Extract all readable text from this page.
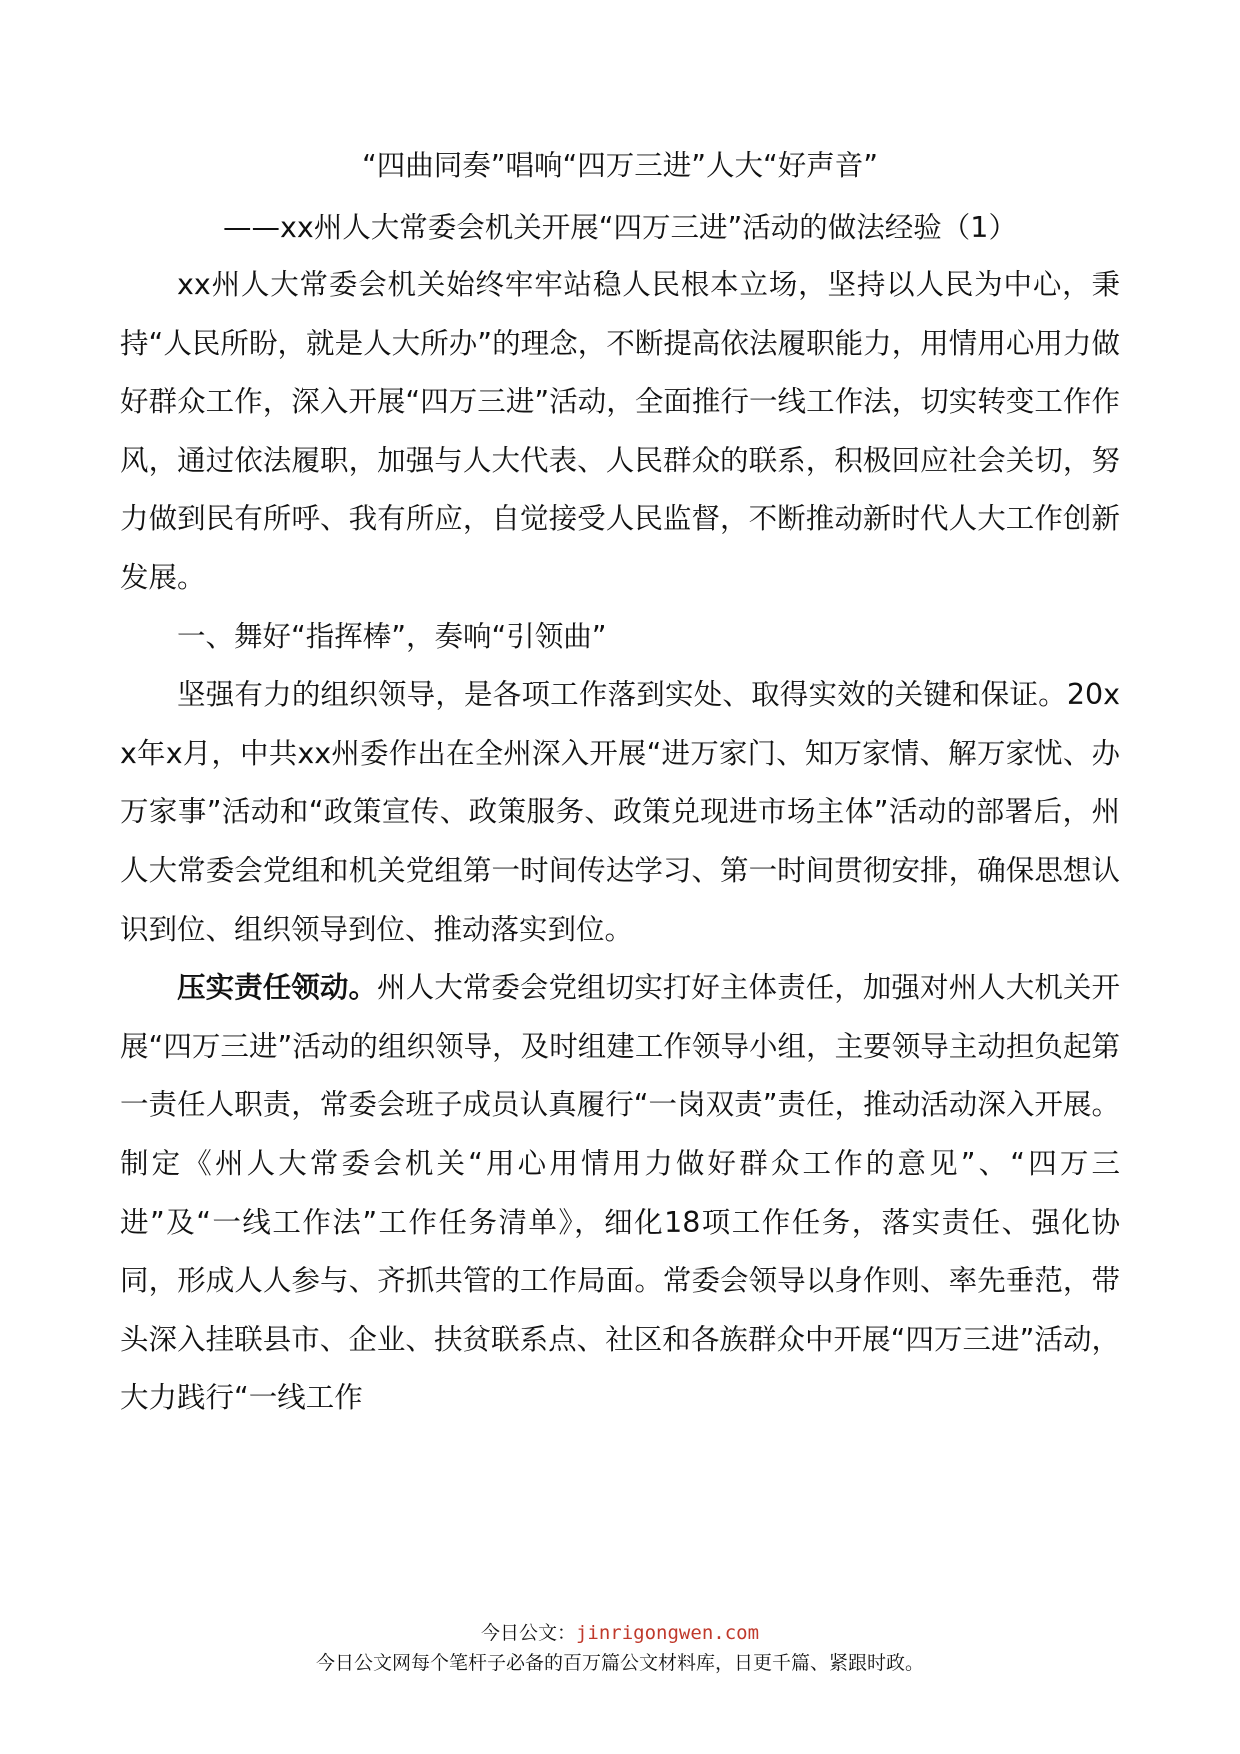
“四曲同奏”唱响“四万三进”人大“好声音”
——xx州人大常委会机关开展“四万三进”活动的做法经验（1）

xx州人大常委会机关始终牢牢站稳人民根本立场，坚持以人民为中心，秉持“人民所盼，就是人大所办”的理念，不断提高依法履职能力，用情用心用力做好群众工作，深入开展“四万三进”活动，全面推行一线工作法，切实转变工作作风，通过依法履职，加强与人大代表、人民群众的联系，积极回应社会关切，努力做到民有所呼、我有所应，自觉接受人民监督，不断推动新时代人大工作创新发展。

一、舞好“指挥棒”，奏响“引领曲”

坚强有力的组织领导，是各项工作落到实处、取得实效的关键和保证。20xx年x月，中共xx州委作出在全州深入开展“进万家门、知万家情、解万家忧、办万家事”活动和“政策宣传、政策服务、政策兑现进市场主体”活动的部署后，州人大常委会党组和机关党组第一时间传达学习、第一时间贯彻安排，确保思想认识到位、组织领导到位、推动落实到位。

压实责任领动。州人大常委会党组切实打好主体责任，加强对州人大机关开展“四万三进”活动的组织领导，及时组建工作领导小组，主要领导主动担负起第一责任人职责，常委会班子成员认真履行“一岗双责”责任，推动活动深入开展。制定《州人大常委会机关“用心用情用力做好群众工作的意见”、“四万三进”及“一线工作法”工作任务清单》，细化18项工作任务，落实责任、强化协同，形成人人参与、齐抓共管的工作局面。常委会领导以身作则、率先垂范，带头深入挂联县市、企业、扶贫联系点、社区和各族群众中开展“四万三进”活动，大力践行“一线工作

今日公文：jinrigongwen.com
今日公文网每个笔杆子必备的百万篇公文材料库，日更千篇、紧跟时政。
